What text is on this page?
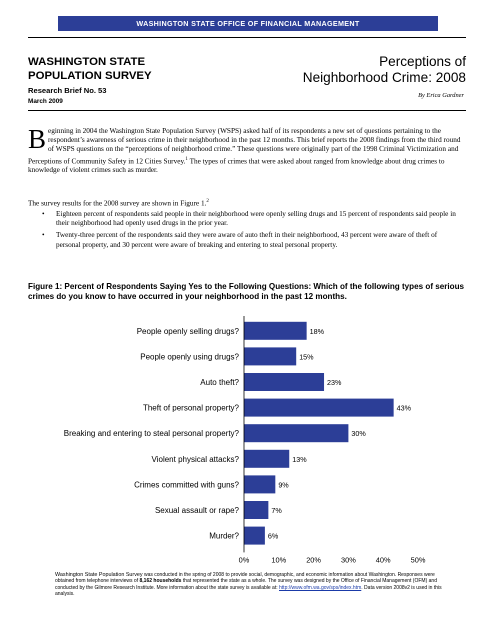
WASHINGTON STATE OFFICE OF FINANCIAL MANAGEMENT
WASHINGTON STATE
POPULATION SURVEY
Research Brief No. 53
March 2009
Perceptions of
Neighborhood Crime: 2008
By Erica Gardner
Beginning in 2004 the Washington State Population Survey (WSPS) asked half of its respondents a new set of questions pertaining to the respondent’s awareness of serious crime in their neighborhood in the past 12 months. This brief reports the 2008 findings from the third round of WSPS questions on the “perceptions of neighborhood crime.” These questions were originally part of the 1998 Criminal Victimization and Perceptions of Community Safety in 12 Cities Survey.$^1$ The types of crimes that were asked about ranged from knowledge about drug crimes to knowledge of violent crimes such as murder.
The survey results for the 2008 survey are shown in Figure 1.$^2$
• Eighteen percent of respondents said people in their neighborhood were openly selling drugs and 15 percent of respondents said people in their neighborhood had openly used drugs in the prior year.
• Twenty-three percent of the respondents said they were aware of auto theft in their neighborhood, 43 percent were aware of theft of personal property, and 30 percent were aware of breaking and entering to steal personal property.
Figure 1: Percent of Respondents Saying Yes to the Following Questions: Which of the following types of serious crimes do you know to have occurred in your neighborhood in the past 12 months.
People openly selling drugs?	18%
People openly using drugs?	15%
Auto theft?	23%
Theft of personal property?	43%
Breaking and entering to steal personal property?	30%
Violent physical attacks?	13%
Crimes committed with guns?	9%
Sexual assault or rape?	7%
Murder?	6%
0%	10%	20%	30%	40%	50%
Washington State Population Survey was conducted in the spring of 2008 to provide social, demographic, and economic information about Washington. Responses were obtained from telephone interviews of 8,162 households that represented the state as a whole. The survey was designed by the Office of Financial Management (OFM) and conducted by the Gilmore Research Institute. More information about the state survey is available at: http://www.ofm.wa.gov/sps/index.htm. Data version 2008v2 is used in this analysis.
